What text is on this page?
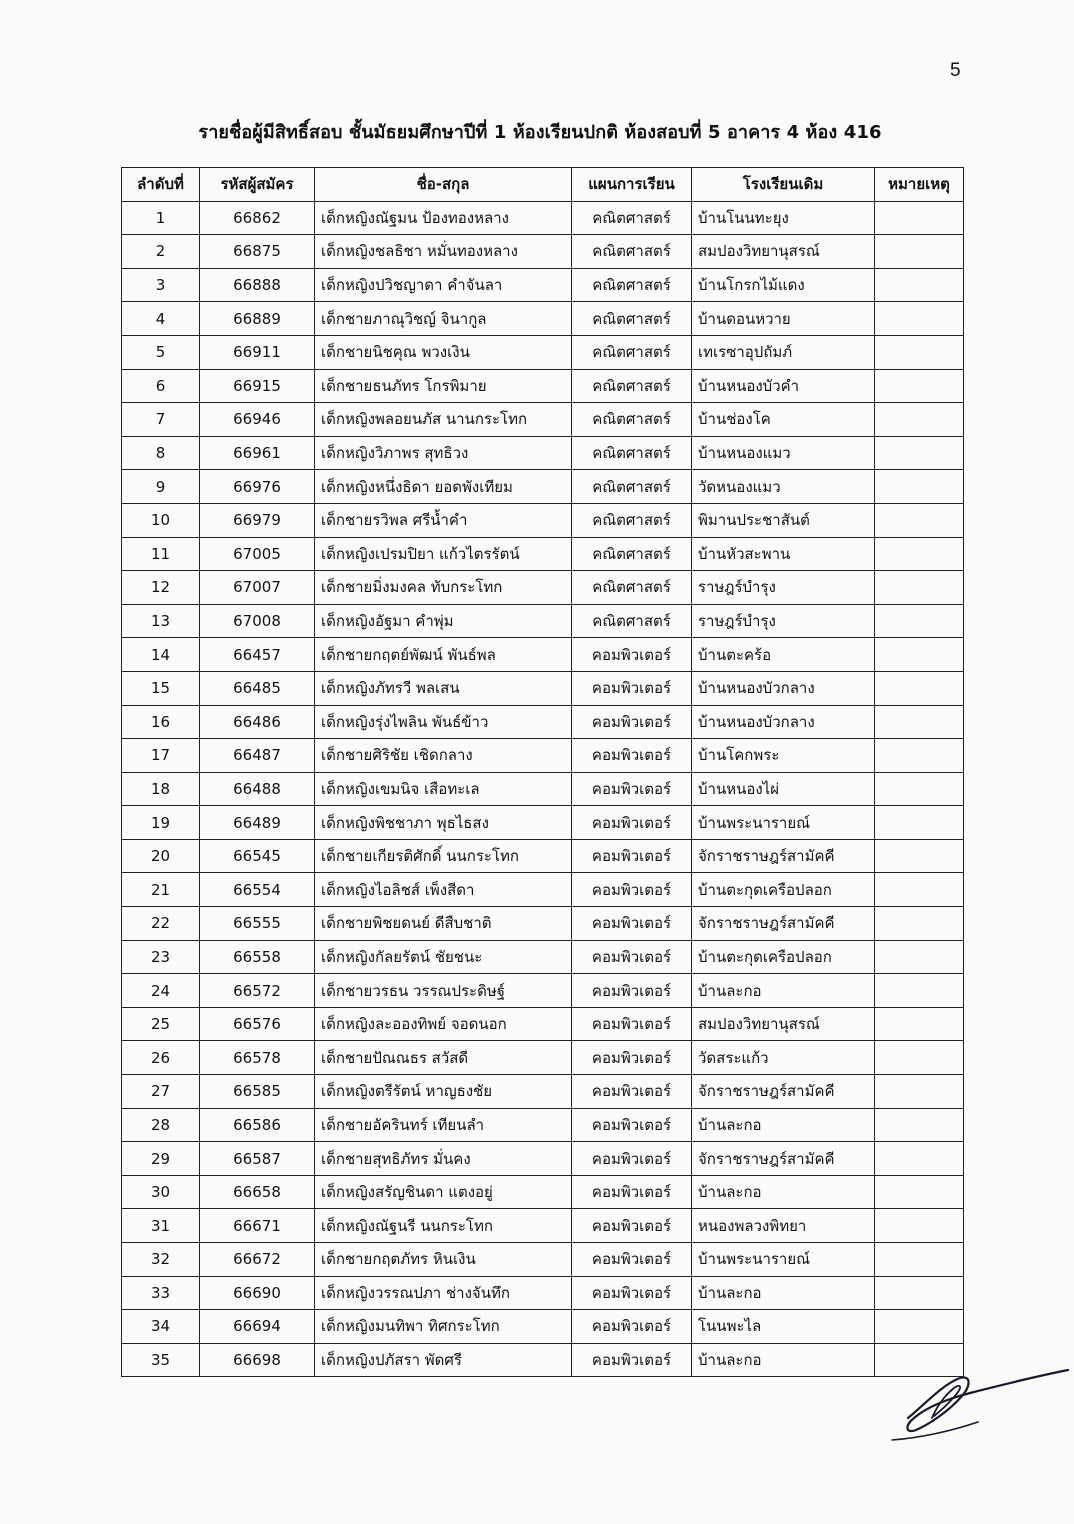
5
รายชื่อผู้มีสิทธิ์สอบ ชั้นมัธยมศึกษาปีที่ 1 ห้องเรียนปกติ ห้องสอบที่ 5 อาคาร 4 ห้อง 416
ลำดับที่	รหัสผู้สมัคร	ชื่อ-สกุล	แผนการเรียน	โรงเรียนเดิม	หมายเหตุ
1	66862	เด็กหญิงณัฐมน ป้องทองหลาง	คณิตศาสตร์	บ้านโนนทะยุง	
2	66875	เด็กหญิงชลธิชา หมั่นทองหลาง	คณิตศาสตร์	สมปองวิทยานุสรณ์	
3	66888	เด็กหญิงปวิชญาดา คำจันลา	คณิตศาสตร์	บ้านโกรกไม้แดง	
4	66889	เด็กชายภาณุวิชญ์ จินากูล	คณิตศาสตร์	บ้านดอนหวาย	
5	66911	เด็กชายนิชคุณ พวงเงิน	คณิตศาสตร์	เทเรซาอุปถัมภ์	
6	66915	เด็กชายธนภัทร โกรพิมาย	คณิตศาสตร์	บ้านหนองบัวคำ	
7	66946	เด็กหญิงพลอยนภัส นานกระโทก	คณิตศาสตร์	บ้านช่องโค	
8	66961	เด็กหญิงวิภาพร สุทธิวง	คณิตศาสตร์	บ้านหนองแมว	
9	66976	เด็กหญิงหนึ่งธิดา ยอดพังเทียม	คณิตศาสตร์	วัดหนองแมว	
10	66979	เด็กชายรวิพล ศรีน้ำคำ	คณิตศาสตร์	พิมานประชาสันต์	
11	67005	เด็กหญิงเปรมปิยา แก้วไตรรัตน์	คณิตศาสตร์	บ้านหัวสะพาน	
12	67007	เด็กชายมิ่งมงคล ทับกระโทก	คณิตศาสตร์	ราษฎร์บำรุง	
13	67008	เด็กหญิงอัฐมา คำพุ่ม	คณิตศาสตร์	ราษฎร์บำรุง	
14	66457	เด็กชายกฤตย์พัฒน์ พันธ์พล	คอมพิวเตอร์	บ้านตะคร้อ	
15	66485	เด็กหญิงภัทรวี พลเสน	คอมพิวเตอร์	บ้านหนองบัวกลาง	
16	66486	เด็กหญิงรุ่งไพลิน พันธ์ข้าว	คอมพิวเตอร์	บ้านหนองบัวกลาง	
17	66487	เด็กชายศิริชัย เชิดกลาง	คอมพิวเตอร์	บ้านโคกพระ	
18	66488	เด็กหญิงเขมนิจ เสือทะเล	คอมพิวเตอร์	บ้านหนองไผ่	
19	66489	เด็กหญิงพิชชาภา พุธไธสง	คอมพิวเตอร์	บ้านพระนารายณ์	
20	66545	เด็กชายเกียรติศักดิ์ นนกระโทก	คอมพิวเตอร์	จักราชราษฎร์สามัคคี	
21	66554	เด็กหญิงไอลิชส์ เพ็งสีดา	คอมพิวเตอร์	บ้านตะกุดเครือปลอก	
22	66555	เด็กชายพิชยดนย์ ดีสืบชาติ	คอมพิวเตอร์	จักราชราษฎร์สามัคคี	
23	66558	เด็กหญิงกัลยรัตน์ ชัยชนะ	คอมพิวเตอร์	บ้านตะกุดเครือปลอก	
24	66572	เด็กชายวรธน วรรณประดิษฐ์	คอมพิวเตอร์	บ้านละกอ	
25	66576	เด็กหญิงละอองทิพย์ จอดนอก	คอมพิวเตอร์	สมปองวิทยานุสรณ์	
26	66578	เด็กชายปัณณธร สวัสดี	คอมพิวเตอร์	วัดสระแก้ว	
27	66585	เด็กหญิงตรีรัตน์ หาญธงชัย	คอมพิวเตอร์	จักราชราษฎร์สามัคคี	
28	66586	เด็กชายอัครินทร์ เทียนลำ	คอมพิวเตอร์	บ้านละกอ	
29	66587	เด็กชายสุทธิภัทร มั่นคง	คอมพิวเตอร์	จักราชราษฎร์สามัคคี	
30	66658	เด็กหญิงสรัญชินดา แตงอยู่	คอมพิวเตอร์	บ้านละกอ	
31	66671	เด็กหญิงณัฐนรี นนกระโทก	คอมพิวเตอร์	หนองพลวงพิทยา	
32	66672	เด็กชายกฤตภัทร หินเงิน	คอมพิวเตอร์	บ้านพระนารายณ์	
33	66690	เด็กหญิงวรรณปภา ช่างจันทึก	คอมพิวเตอร์	บ้านละกอ	
34	66694	เด็กหญิงมนทิพา ทิศกระโทก	คอมพิวเตอร์	โนนพะไล	
35	66698	เด็กหญิงปภัสรา พัดศรี	คอมพิวเตอร์	บ้านละกอ	
